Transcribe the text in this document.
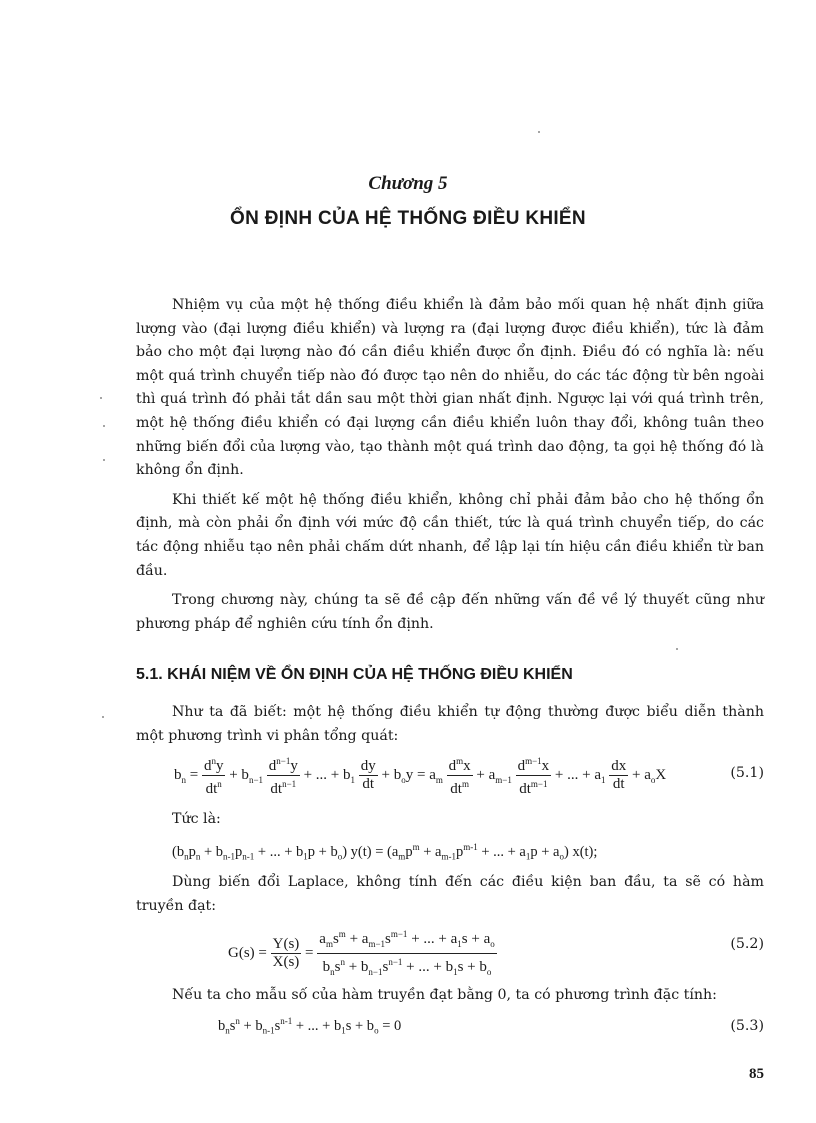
Chương 5
ỔN ĐỊNH CỦA HỆ THỐNG ĐIỀU KHIỂN

Nhiệm vụ của một hệ thống điều khiển là đảm bảo mối quan hệ nhất định giữa lượng vào (đại lượng điều khiển) và lượng ra (đại lượng được điều khiển), tức là đảm bảo cho một đại lượng nào đó cần điều khiển được ổn định. Điều đó có nghĩa là: nếu một quá trình chuyển tiếp nào đó được tạo nên do nhiễu, do các tác động từ bên ngoài thì quá trình đó phải tắt dần sau một thời gian nhất định. Ngược lại với quá trình trên, một hệ thống điều khiển có đại lượng cần điều khiển luôn thay đổi, không tuân theo những biến đổi của lượng vào, tạo thành một quá trình dao động, ta gọi hệ thống đó là không ổn định.

Khi thiết kế một hệ thống điều khiển, không chỉ phải đảm bảo cho hệ thống ổn định, mà còn phải ổn định với mức độ cần thiết, tức là quá trình chuyển tiếp, do các tác động nhiễu tạo nên phải chấm dứt nhanh, để lập lại tín hiệu cần điều khiển từ ban đầu.

Trong chương này, chúng ta sẽ đề cập đến những vấn đề về lý thuyết cũng như phương pháp để nghiên cứu tính ổn định.

5.1. KHÁI NIỆM VỀ ỔN ĐỊNH CỦA HỆ THỐNG ĐIỀU KHIỂN

Như ta đã biết: một hệ thống điều khiển tự động thường được biểu diễn thành một phương trình vi phân tổng quát:

$b_n = \frac{d^ny}{dt^n} + b_{n-1} \frac{d^{n-1}y}{dt^{n-1}}$ + ... + $b_1 \frac{dy}{dt} + b_oy = a_m \frac{d^mx}{dt^m} + a_{m-1} \frac{d^{m-1}x}{dt^{m-1}}$ + ... + $a_1 \frac{dx}{dt} + a_oX$	(5.1)
Tức là:
($b_np_n + b_{n-1}p_{n-1}$ + ... + $b_1p + b_o$) $y(t) = (a_mp^m + a_{m-1}p^{m-1}$ + ... + $a_1p + a_o$) x(t);

Dùng biến đổi Laplace, không tính đến các điều kiện ban đầu, ta sẽ có hàm truyền đạt:

$G(s) = \frac{Y(s)}{X(s)} = \frac{a_ms^m + a_{m-1}s^{m-1} + ... + a_1s + a_o}{b_ns^n + b_{n-1}s^{n-1} + ... + b_1s + b_o}$	(5.2)

Nếu ta cho mẫu số của hàm truyền đạt bằng 0, ta có phương trình đặc tính:

$b_ns^n + b_{n-1}s^{n-1}$ + ... + $b_1s + b_o = 0$	(5.3)
85
